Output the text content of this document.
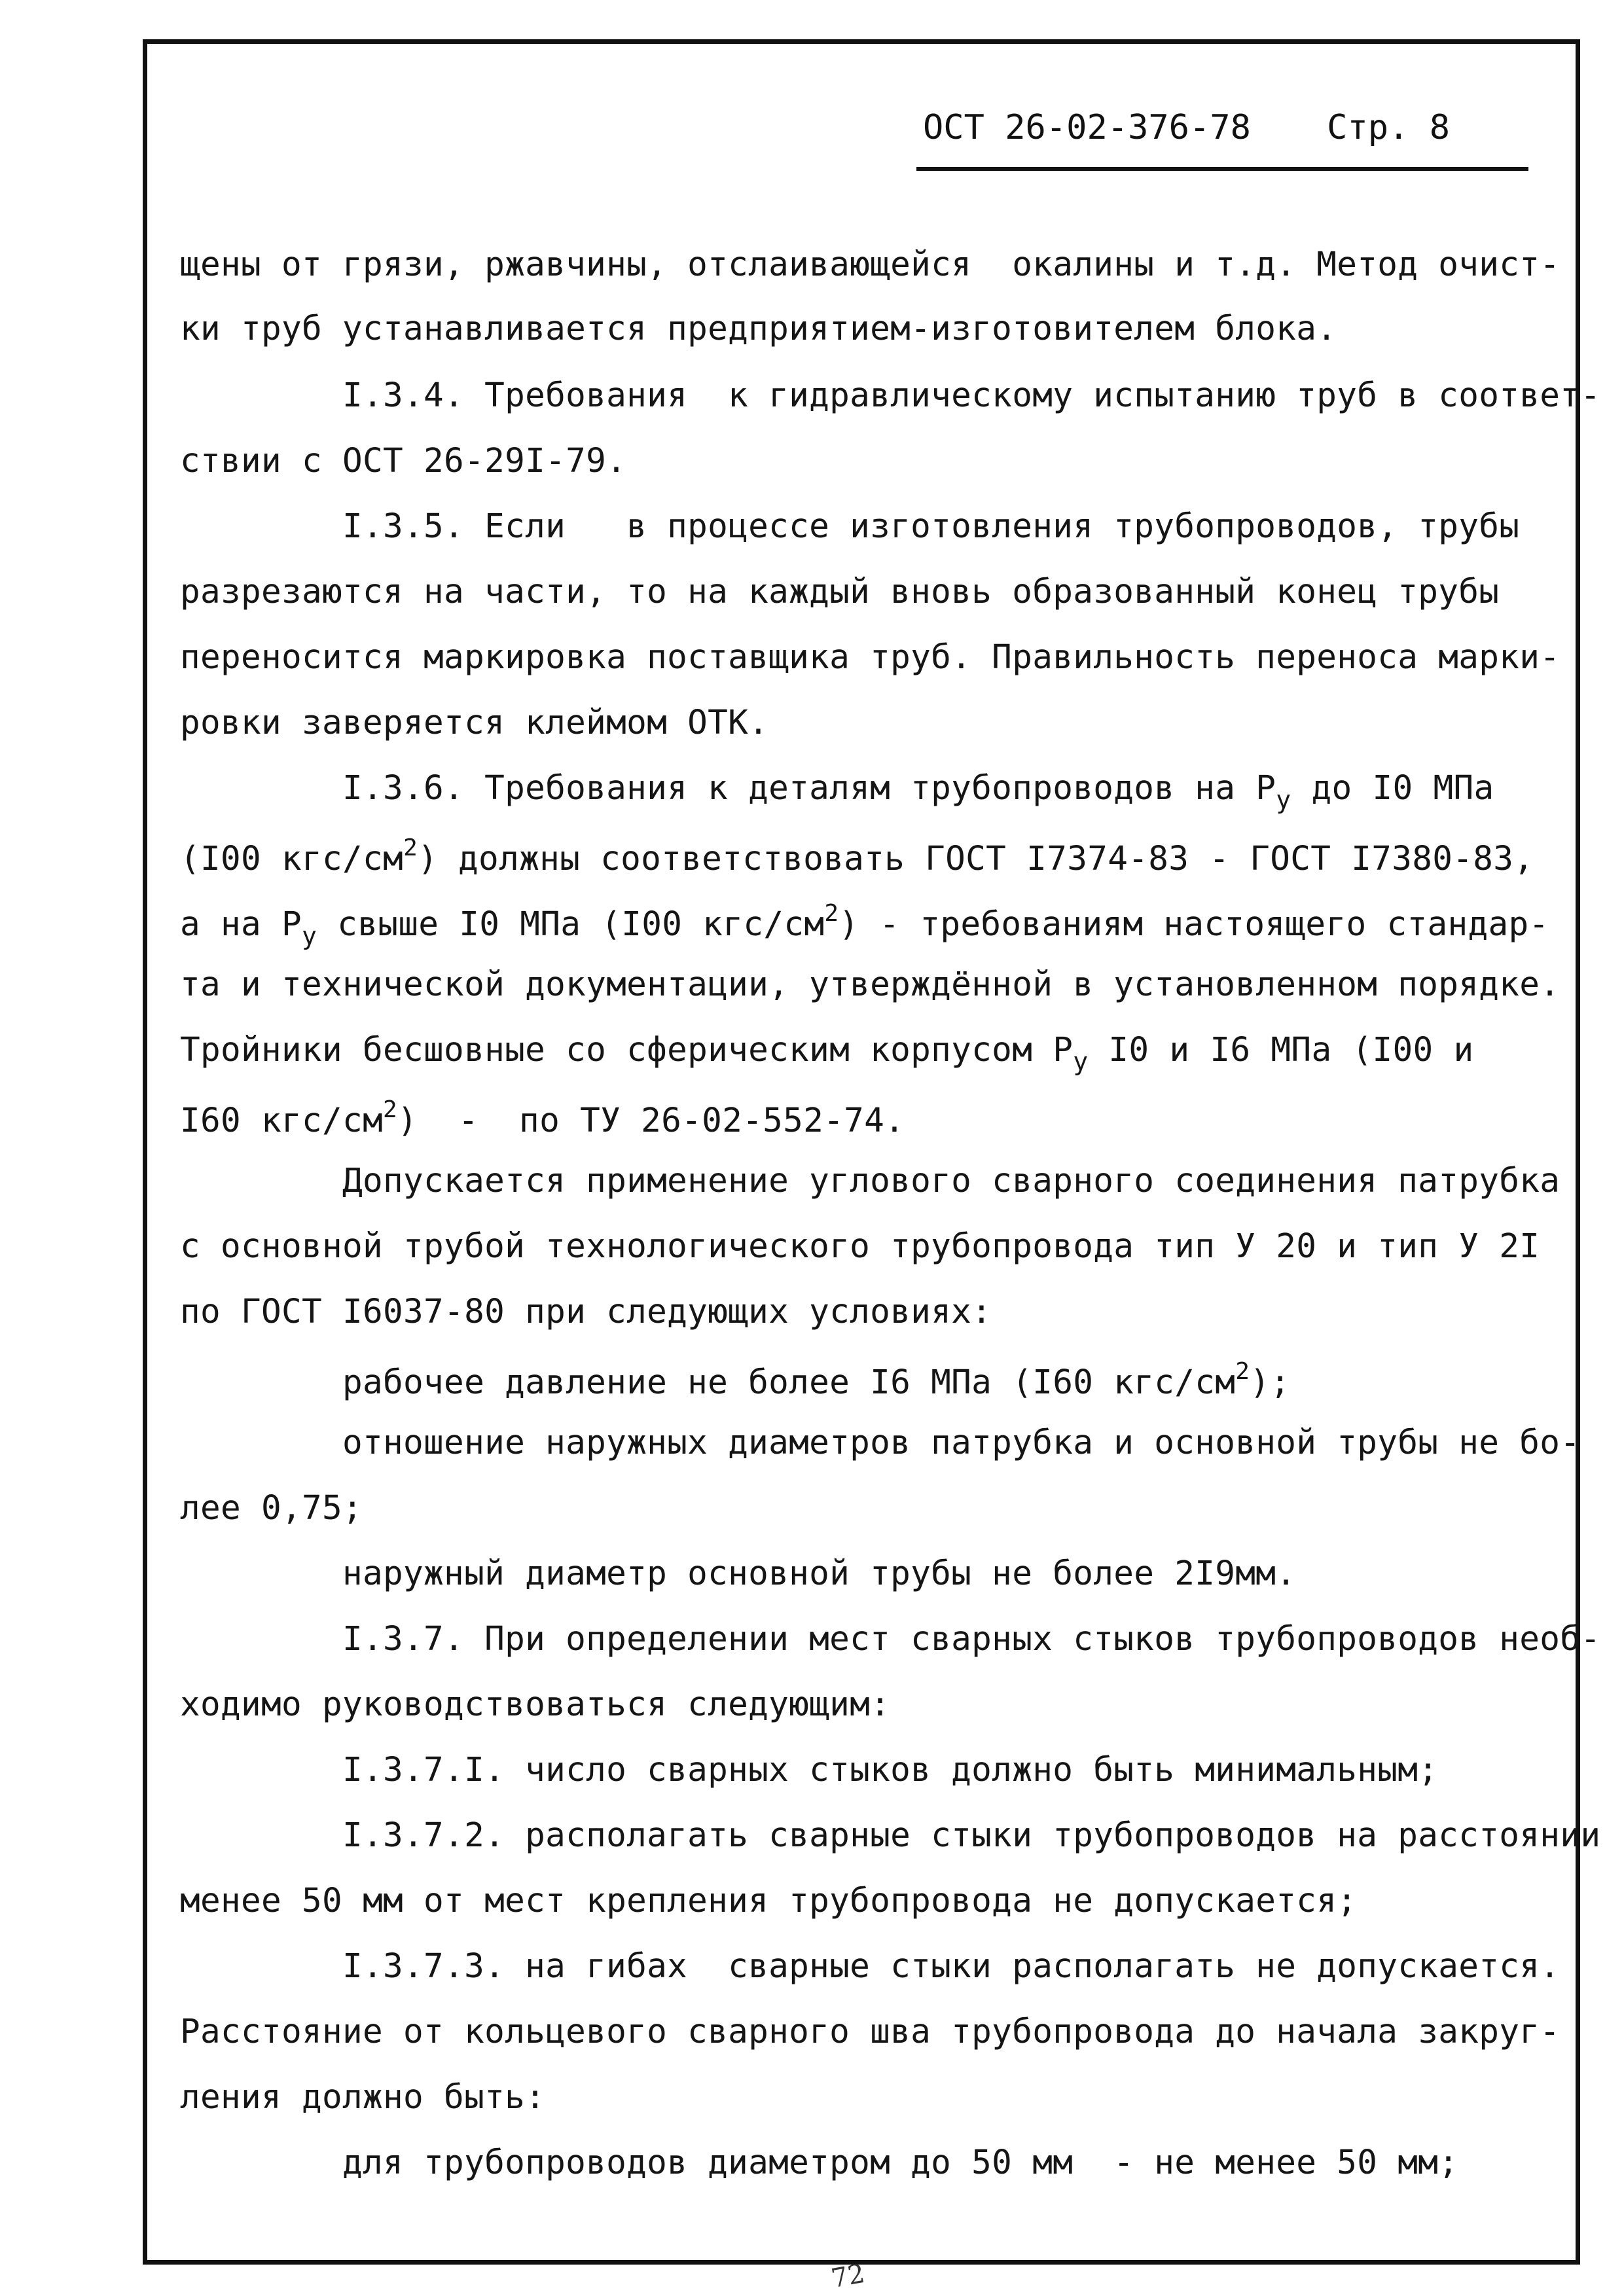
ОСТ 26-02-376-78 Стр. 8
щены от грязи, ржавчины, отслаивающейся  окалины и т.д. Метод очист-
ки труб устанавливается предприятием-изготовителем блока.
I.3.4. Требования  к гидравлическому испытанию труб в соответ-
ствии с ОСТ 26-29I-79.
I.3.5. Если   в процессе изготовления трубопроводов, трубы
разрезаются на части, то на каждый вновь образованный конец трубы
переносится маркировка поставщика труб. Правильность переноса марки-
ровки заверяется клеймом ОТК.
I.3.6. Требования к деталям трубопроводов на $Р_у$ до I0 МПа
(I00 кгс/$см^2$) должны соответствовать ГОСТ I7374-83 - ГОСТ I7380-83,
а на $Р_у$ свыше I0 МПа (I00 кгс/$см^2$) - требованиям настоящего стандар-
та и технической документации, утверждённой в установленном порядке.
Тройники бесшовные со сферическим корпусом $Р_у$ I0 и I6 МПа (I00 и
I60 кгс/$см^2$)  -  по ТУ 26-02-552-74.
Допускается применение углового сварного соединения патрубка
с основной трубой технологического трубопровода тип У 20 и тип У 2I
по ГОСТ I6037-80 при следующих условиях:
рабочее давление не более I6 МПа (I60 кгс/$см^2$);
отношение наружных диаметров патрубка и основной трубы не бо-
лее 0,75;
наружный диаметр основной трубы не более 2I9мм.
I.3.7. При определении мест сварных стыков трубопроводов необ-
ходимо руководствоваться следующим:
I.3.7.I. число сварных стыков должно быть минимальным;
I.3.7.2. располагать сварные стыки трубопроводов на расстоянии
менее 50 мм от мест крепления трубопровода не допускается;
I.3.7.3. на гибах  сварные стыки располагать не допускается.
Расстояние от кольцевого сварного шва трубопровода до начала закруг-
ления должно быть:
для трубопроводов диаметром до 50 мм  - не менее 50 мм;
72
